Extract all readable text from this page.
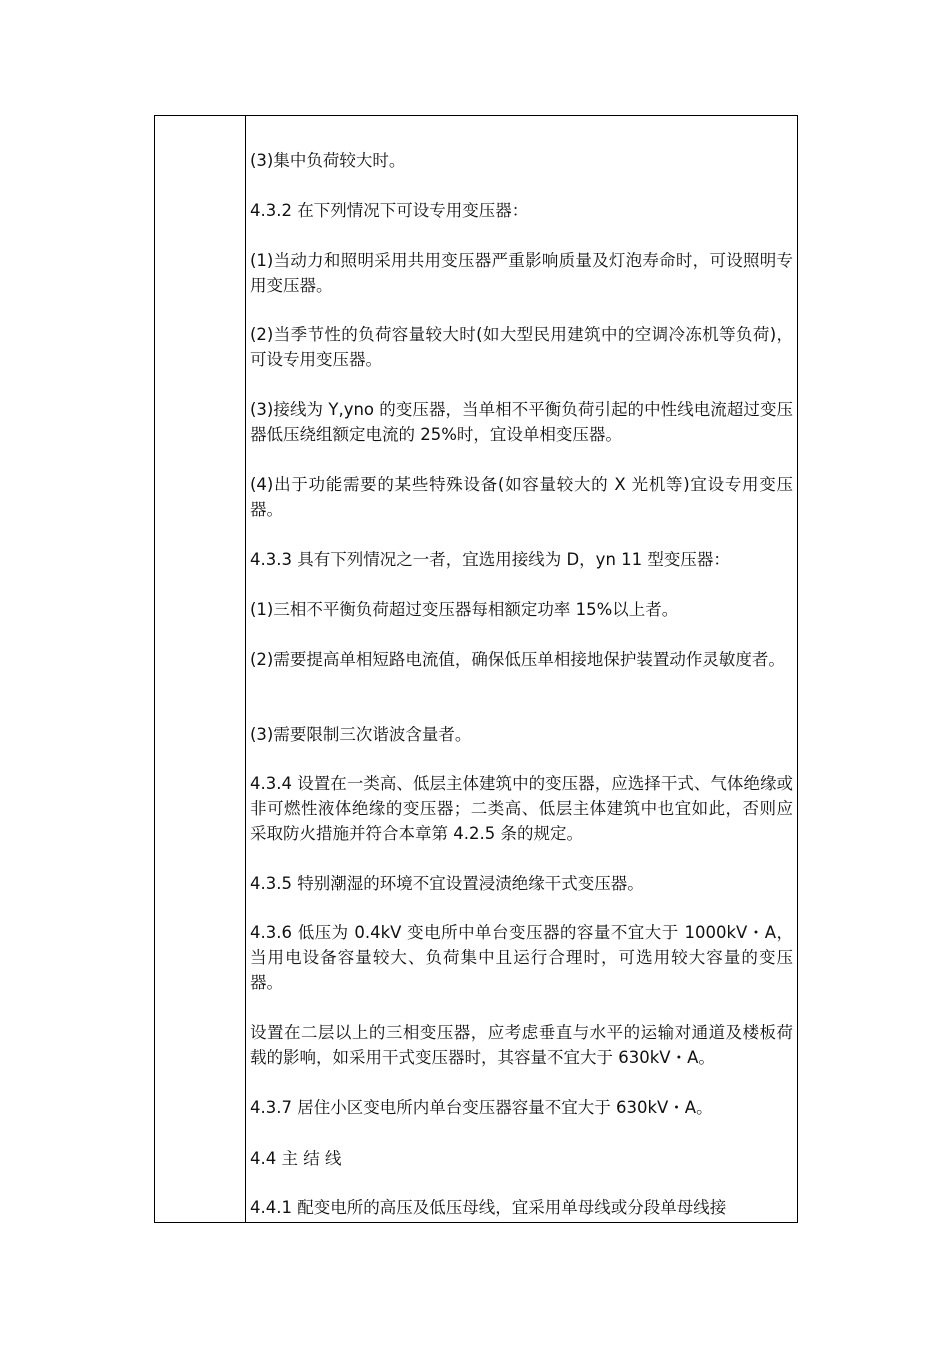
(3)集中负荷较大时。

4.3.2 在下列情况下可设专用变压器：

(1)当动力和照明采用共用变压器严重影响质量及灯泡寿命时，可设照明专用变压器。

(2)当季节性的负荷容量较大时(如大型民用建筑中的空调冷冻机等负荷)，可设专用变压器。

(3)接线为 Y,yno 的变压器，当单相不平衡负荷引起的中性线电流超过变压器低压绕组额定电流的 25%时，宜设单相变压器。

(4)出于功能需要的某些特殊设备(如容量较大的 X 光机等)宜设专用变压器。

4.3.3 具有下列情况之一者，宜选用接线为 D，yn 11 型变压器：

(1)三相不平衡负荷超过变压器每相额定功率 15%以上者。

(2)需要提高单相短路电流值，确保低压单相接地保护装置动作灵敏度者。

(3)需要限制三次谐波含量者。

4.3.4 设置在一类高、低层主体建筑中的变压器，应选择干式、气体绝缘或非可燃性液体绝缘的变压器；二类高、低层主体建筑中也宜如此，否则应采取防火措施并符合本章第 4.2.5 条的规定。

4.3.5 特别潮湿的环境不宜设置浸渍绝缘干式变压器。

4.3.6 低压为 0.4kV 变电所中单台变压器的容量不宜大于 1000kV・A，当用电设备容量较大、负荷集中且运行合理时，可选用较大容量的变压器。

设置在二层以上的三相变压器，应考虑垂直与水平的运输对通道及楼板荷载的影响，如采用干式变压器时，其容量不宜大于 630kV・A。

4.3.7 居住小区变电所内单台变压器容量不宜大于 630kV・A。

4.4 主 结 线

4.4.1 配变电所的高压及低压母线，宜采用单母线或分段单母线接
